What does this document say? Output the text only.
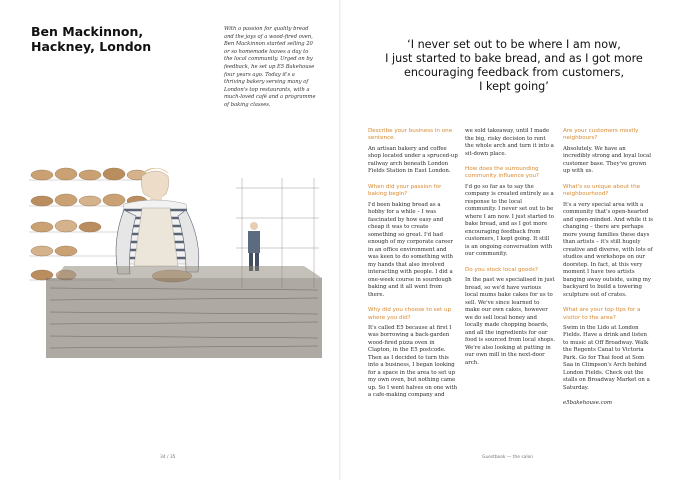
Ben Mackinnon,
Hackney, London
With a passion for quality bread
and the joys of a wood-fired oven,
Ben Mackinnon started selling 20
or so homemade loaves a day to
the local community. Urged on by
feedback, he set up E5 Bakehouse
four years ago. Today it's a
thriving bakery serving many of
London's top restaurants, with a
much-loved café and a programme
of baking classes.
‘I never set out to be where I am now,
I just started to bake bread, and as I got more
encouraging feedback from customers,
I kept going’
Describe your business in one sentence.
An artisan bakery and coffee shop located under a spruced-up railway arch beneath London Fields Station in East London.
When did your passion for baking begin?
I'd been baking bread as a hobby for a while – I was fascinated by how easy and cheap it was to create something so great. I'd had enough of my corporate career in an office environment and was keen to do something with my hands that also involved interacting with people. I did a one-week course in sourdough baking and it all went from there.
Why did you choose to set up where you did?
It's called E5 because at first I was borrowing a back-garden wood-fired pizza oven in Clapton, in the E5 postcode. Then as I decided to turn this into a business, I began looking for a space in the area to set up my own oven, but nothing came up. So I went halves on one with a cafe-making company and
we sold takeaway, until I made the big, risky decision to rent the whole arch and turn it into a sit-down place.
How does the surrounding community influence you?
I'd go so far as to say the company is created entirely as a response to the local community. I never set out to be where I am now. I just started to bake bread, and as I got more encouraging feedback from customers, I kept going. It still is an ongoing conversation with our community.
Do you stock local goods?
In the past we specialised in just bread, so we'd have various local mums bake cakes for us to sell. We've since learned to make our own cakes, however we do sell local honey and locally made chopping boards, and all the ingredients for our food is sourced from local shops. We're also looking at putting in our own mill in the next-door arch.
Are your customers mostly neighbours?
Absolutely. We have an incredibly strong and loyal local customer base. They've grown up with us.
What's so unique about the neighbourhood?
It's a very special area with a community that's open-hearted and open-minded. And while it is changing – there are perhaps more young families these days than artists – it's still hugely creative and diverse, with lots of studios and workshops on our doorstep. In fact, at this very moment I have two artists banging away outside, using my backyard to build a towering sculpture out of crates.
What are your top tips for a visitor to the area?
Swim in the Lido at London Fields. Have a drink and listen to music at Off Broadway. Walk the Regents Canal to Victoria Park. Go for Thai food at Som Saa in Climpson's Arch behind London Fields. Check out the stalls on Broadway Market on a Saturday.
e5bakehouse.com
34 / 35	Guestbook — the salon
